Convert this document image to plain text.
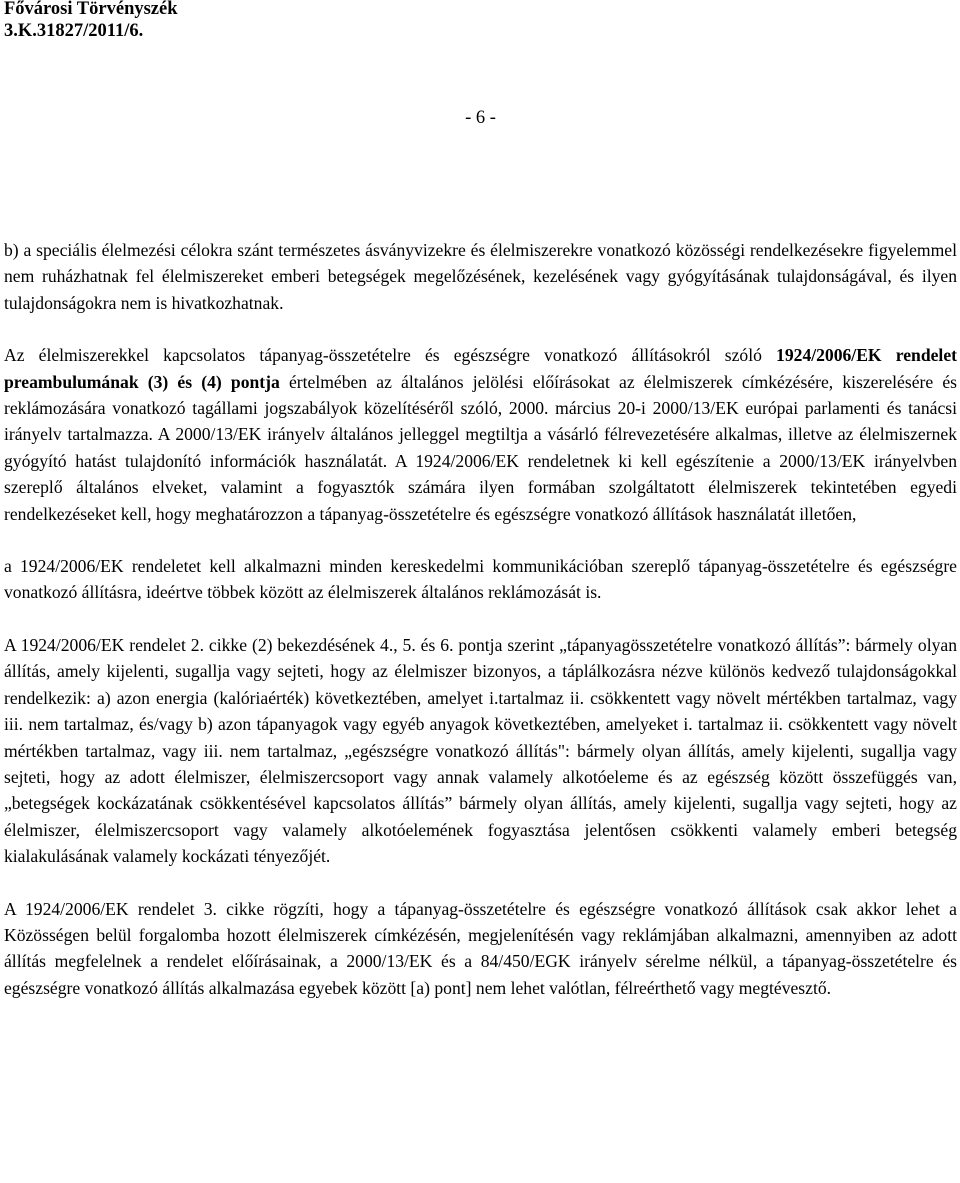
Fővárosi Törvényszék
3.K.31827/2011/6.
- 6 -

b) a speciális élelmezési célokra szánt természetes ásványvizekre és élelmiszerekre vonatkozó közösségi rendelkezésekre figyelemmel nem ruházhatnak fel élelmiszereket emberi betegségek megelőzésének, kezelésének vagy gyógyításának tulajdonságával, és ilyen tulajdonságokra nem is hivatkozhatnak.

Az élelmiszerekkel kapcsolatos tápanyag-összetételre és egészségre vonatkozó állításokról szóló 1924/2006/EK rendelet preambulumának (3) és (4) pontja értelmében az általános jelölési előírásokat az élelmiszerek címkézésére, kiszerelésére és reklámozására vonatkozó tagállami jogszabályok közelítéséről szóló, 2000. március 20-i 2000/13/EK európai parlamenti és tanácsi irányelv tartalmazza. A 2000/13/EK irányelv általános jelleggel megtiltja a vásárló félrevezetésére alkalmas, illetve az élelmiszernek gyógyító hatást tulajdonító információk használatát. A 1924/2006/EK rendeletnek ki kell egészítenie a 2000/13/EK irányelvben szereplő általános elveket, valamint a fogyasztók számára ilyen formában szolgáltatott élelmiszerek tekintetében egyedi rendelkezéseket kell, hogy meghatározzon a tápanyag-összetételre és egészségre vonatkozó állítások használatát illetően,

a 1924/2006/EK rendeletet kell alkalmazni minden kereskedelmi kommunikációban szereplő tápanyag-összetételre és egészségre vonatkozó állításra, ideértve többek között az élelmiszerek általános reklámozását is.

A 1924/2006/EK rendelet 2. cikke (2) bekezdésének 4., 5. és 6. pontja szerint „tápanyagösszetételre vonatkozó állítás”: bármely olyan állítás, amely kijelenti, sugallja vagy sejteti, hogy az élelmiszer bizonyos, a táplálkozásra nézve különös kedvező tulajdonságokkal rendelkezik: a) azon energia (kalóriaérték) következtében, amelyet i.tartalmaz ii. csökkentett vagy növelt mértékben tartalmaz, vagy iii. nem tartalmaz, és/vagy b) azon tápanyagok vagy egyéb anyagok következtében, amelyeket i. tartalmaz ii. csökkentett vagy növelt mértékben tartalmaz, vagy iii. nem tartalmaz, „egészségre vonatkozó állítás": bármely olyan állítás, amely kijelenti, sugallja vagy sejteti, hogy az adott élelmiszer, élelmiszercsoport vagy annak valamely alkotóeleme és az egészség között összefüggés van, „betegségek kockázatának csökkentésével kapcsolatos állítás” bármely olyan állítás, amely kijelenti, sugallja vagy sejteti, hogy az élelmiszer, élelmiszercsoport vagy valamely alkotóelemének fogyasztása jelentősen csökkenti valamely emberi betegség kialakulásának valamely kockázati tényezőjét.

A 1924/2006/EK rendelet 3. cikke rögzíti, hogy a tápanyag-összetételre és egészségre vonatkozó állítások csak akkor lehet a Közösségen belül forgalomba hozott élelmiszerek címkézésén, megjelenítésén vagy reklámjában alkalmazni, amennyiben az adott állítás megfelelnek a rendelet előírásainak, a 2000/13/EK és a 84/450/EGK irányelv sérelme nélkül, a tápanyag-összetételre és egészségre vonatkozó állítás alkalmazása egyebek között [a) pont] nem lehet valótlan, félreérthető vagy megtévesztő.
